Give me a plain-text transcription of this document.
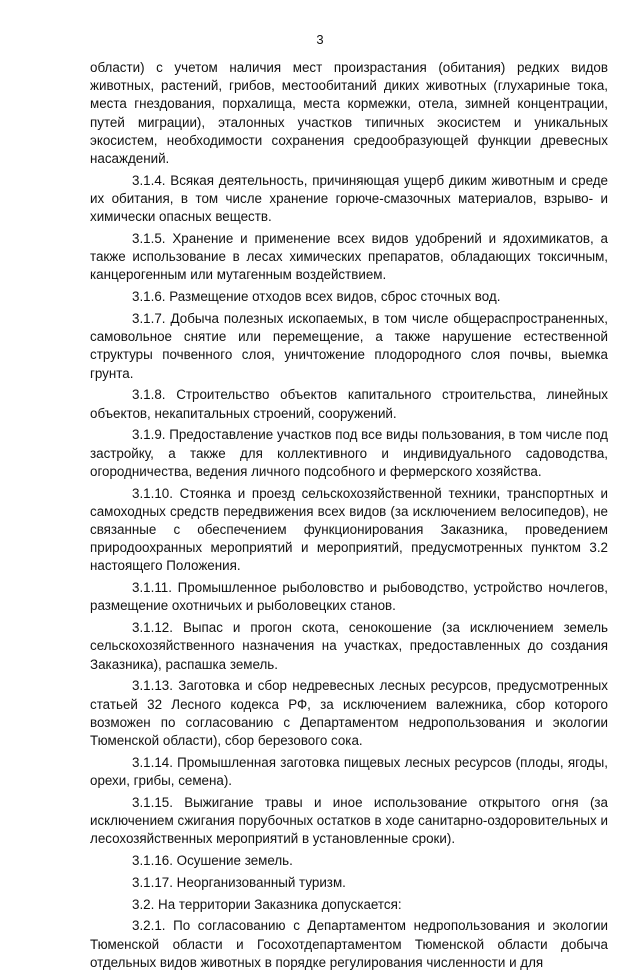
3

области) с учетом наличия мест произрастания (обитания) редких видов животных, растений, грибов, местообитаний диких животных (глухариные тока, места гнездования, порхалища, места кормежки, отела, зимней концентрации, путей миграции), эталонных участков типичных экосистем и уникальных экосистем, необходимости сохранения средообразующей функции древесных насаждений.

3.1.4. Всякая деятельность, причиняющая ущерб диким животным и среде их обитания, в том числе хранение горюче-смазочных материалов, взрыво- и химически опасных веществ.

3.1.5. Хранение и применение всех видов удобрений и ядохимикатов, а также использование в лесах химических препаратов, обладающих токсичным, канцерогенным или мутагенным воздействием.

3.1.6. Размещение отходов всех видов, сброс сточных вод.

3.1.7. Добыча полезных ископаемых, в том числе общераспространенных, самовольное снятие или перемещение, а также нарушение естественной структуры почвенного слоя, уничтожение плодородного слоя почвы, выемка грунта.

3.1.8. Строительство объектов капитального строительства, линейных объектов, некапитальных строений, сооружений.

3.1.9. Предоставление участков под все виды пользования, в том числе под застройку, а также для коллективного и индивидуального садоводства, огородничества, ведения личного подсобного и фермерского хозяйства.

3.1.10. Стоянка и проезд сельскохозяйственной техники, транспортных и самоходных средств передвижения всех видов (за исключением велосипедов), не связанные с обеспечением функционирования Заказника, проведением природоохранных мероприятий и мероприятий, предусмотренных пунктом 3.2 настоящего Положения.

3.1.11. Промышленное рыболовство и рыбоводство, устройство ночлегов, размещение охотничьих и рыболовецких станов.

3.1.12. Выпас и прогон скота, сенокошение (за исключением земель сельскохозяйственного назначения на участках, предоставленных до создания Заказника), распашка земель.

3.1.13. Заготовка и сбор недревесных лесных ресурсов, предусмотренных статьей 32 Лесного кодекса РФ, за исключением валежника, сбор которого возможен по согласованию с Департаментом недропользования и экологии Тюменской области), сбор березового сока.

3.1.14. Промышленная заготовка пищевых лесных ресурсов (плоды, ягоды, орехи, грибы, семена).

3.1.15. Выжигание травы и иное использование открытого огня (за исключением сжигания порубочных остатков в ходе санитарно-оздоровительных и лесохозяйственных мероприятий в установленные сроки).

3.1.16. Осушение земель.

3.1.17. Неорганизованный туризм.

3.2. На территории Заказника допускается:

3.2.1. По согласованию с Департаментом недропользования и экологии Тюменской области и Госохотдепартаментом Тюменской области добыча отдельных видов животных в порядке регулирования численности и для
